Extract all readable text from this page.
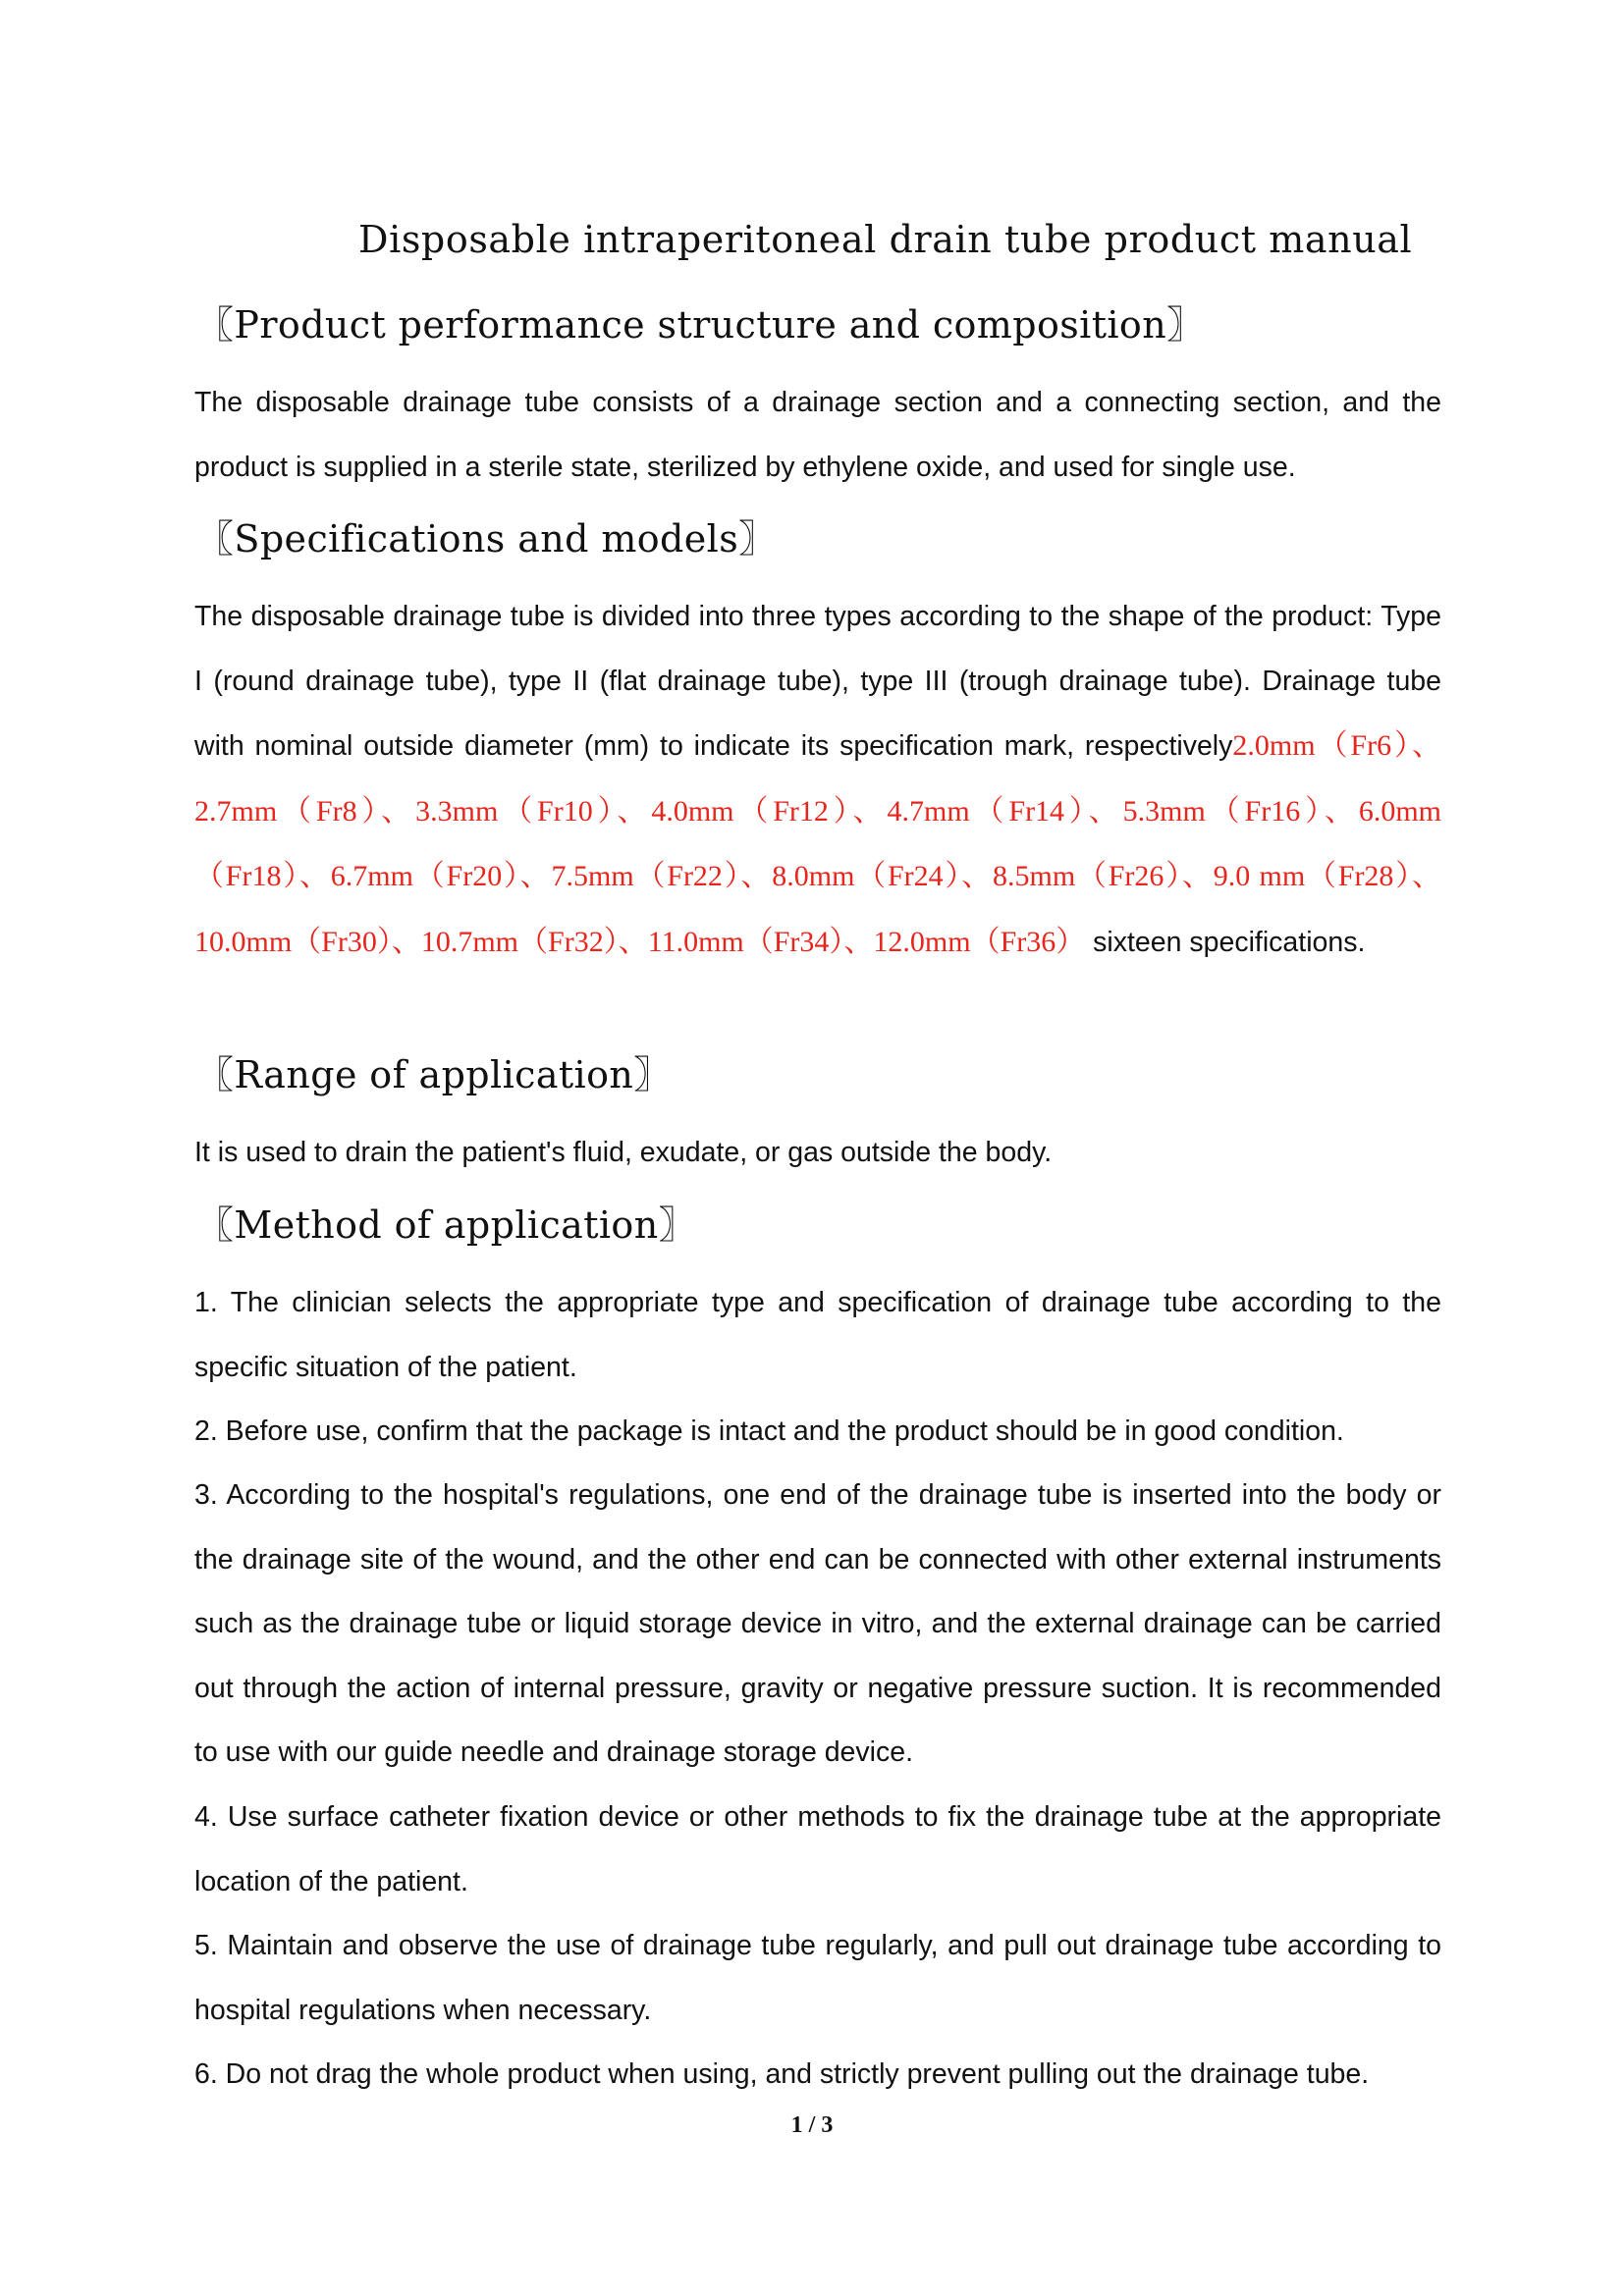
Disposable intraperitoneal drain tube product manual
〖Product performance structure and composition〗

The disposable drainage tube consists of a drainage section and a connecting section, and the product is supplied in a sterile state, sterilized by ethylene oxide, and used for single use.

〖Specifications and models〗

The disposable drainage tube is divided into three types according to the shape of the product: Type I (round drainage tube), type II (flat drainage tube), type III (trough drainage tube). Drainage tube with nominal outside diameter (mm) to indicate its specification mark, respectively2.0mm（Fr6）、2.7mm（Fr8）、3.3mm（Fr10）、4.0mm（Fr12）、4.7mm（Fr14）、5.3mm（Fr16）、6.0mm（Fr18）、6.7mm（Fr20）、7.5mm（Fr22）、8.0mm（Fr24）、8.5mm（Fr26）、9.0 mm（Fr28）、10.0mm（Fr30）、10.7mm（Fr32）、11.0mm（Fr34）、12.0mm（Fr36） sixteen specifications.

〖Range of application〗

It is used to drain the patient's fluid, exudate, or gas outside the body.

〖Method of application〗

1. The clinician selects the appropriate type and specification of drainage tube according to the specific situation of the patient.

2. Before use, confirm that the package is intact and the product should be in good condition.

3. According to the hospital's regulations, one end of the drainage tube is inserted into the body or the drainage site of the wound, and the other end can be connected with other external instruments such as the drainage tube or liquid storage device in vitro, and the external drainage can be carried out through the action of internal pressure, gravity or negative pressure suction. It is recommended to use with our guide needle and drainage storage device.

4. Use surface catheter fixation device or other methods to fix the drainage tube at the appropriate location of the patient.

5. Maintain and observe the use of drainage tube regularly, and pull out drainage tube according to hospital regulations when necessary.

6. Do not drag the whole product when using, and strictly prevent pulling out the drainage tube.

1 / 3
